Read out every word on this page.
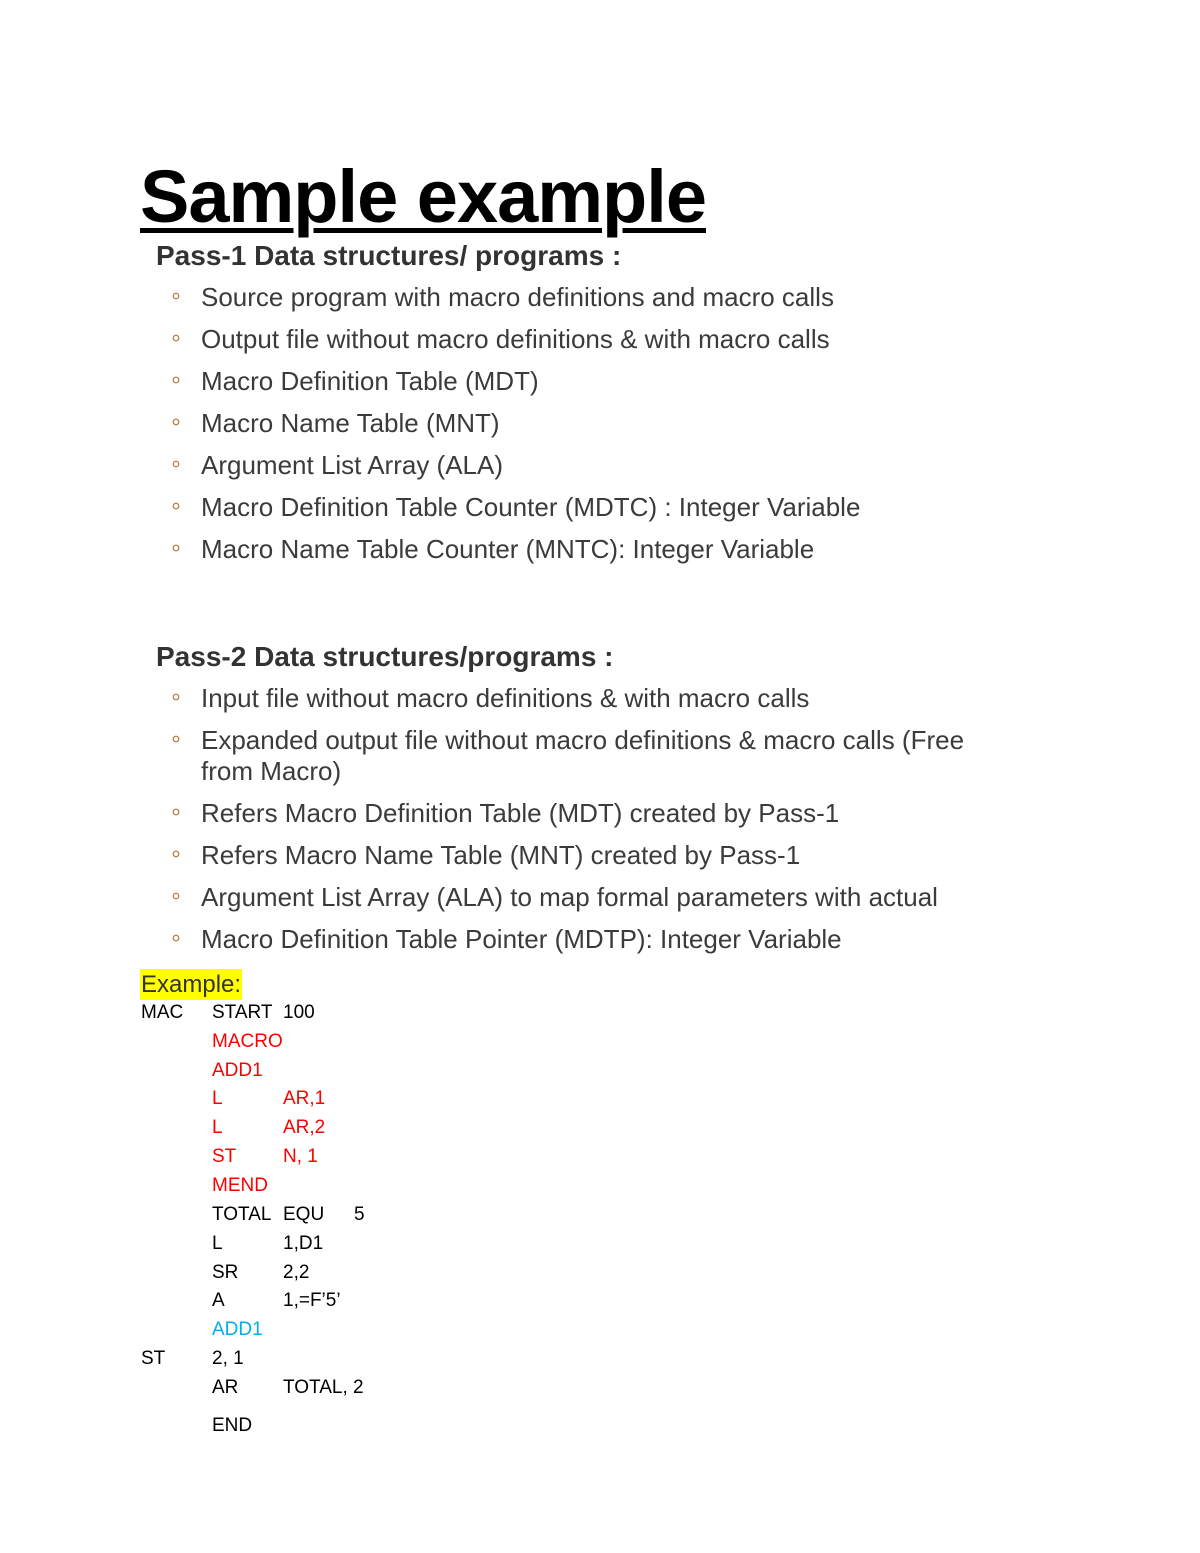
Sample example
Pass-1 Data structures/ programs :
Source program with macro definitions and macro calls
Output file without macro definitions & with macro calls
Macro Definition Table (MDT)
Macro Name Table (MNT)
Argument List Array (ALA)
Macro Definition Table Counter (MDTC) : Integer Variable
Macro Name Table Counter (MNTC): Integer Variable
Pass-2 Data structures/programs :
Input file without macro definitions & with macro calls
Expanded output file without macro definitions & macro calls (Free
from Macro)
Refers Macro Definition Table (MDT) created by Pass-1
Refers Macro Name Table (MNT) created by Pass-1
Argument List Array (ALA) to map formal parameters with actual
Macro Definition Table Pointer (MDTP): Integer Variable
Example:
MAC START 100
MACRO
ADD1
L	AR,1
L	AR,2
ST N, 1
MEND
TOTAL EQU 5
L	1,D1
SR 2,2
A	1,=F’5’
ADD1
ST 2, 1
AR TOTAL, 2
END
